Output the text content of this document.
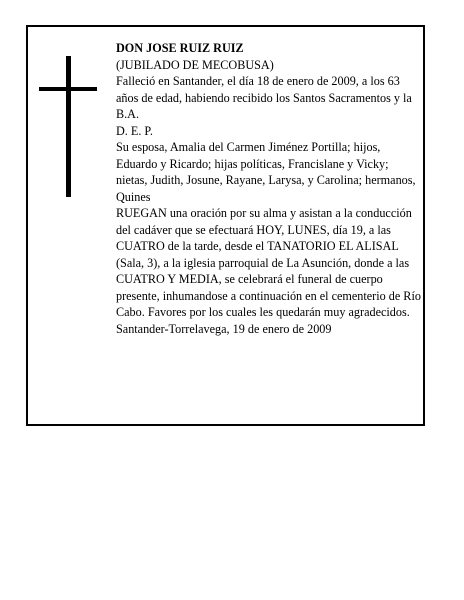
DON JOSE RUIZ RUIZ

(JUBILADO DE MECOBUSA)

Falleció en Santander, el día 18 de enero de 2009, a los 63 años de edad, habiendo recibido los Santos Sacramentos y la B.A.

D. E. P.

Su esposa, Amalia del Carmen Jiménez Portilla; hijos, Eduardo y Ricardo; hijas políticas, Francislane y Vicky; nietas, Judith, Josune, Rayane, Larysa, y Carolina; hermanos, Quines

RUEGAN una oración por su alma y asistan a la conducción del cadáver que se efectuará HOY, LUNES, día 19, a las CUATRO de la tarde, desde el TANATORIO EL ALISAL (Sala, 3), a la iglesia parroquial de La Asunción, donde a las CUATRO Y MEDIA, se celebrará el funeral de cuerpo presente, inhumandose a continuación en el cementerio de Río Cabo. Favores por los cuales les quedarán muy agradecidos.

Santander-Torrelavega, 19 de enero de 2009
